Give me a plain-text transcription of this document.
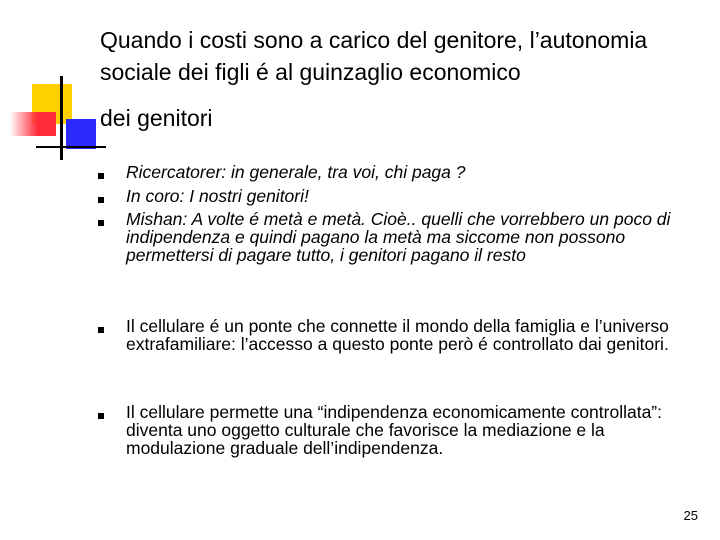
Quando i costi sono a carico del genitore, l’autonomia
sociale dei figli é al guinzaglio economico
dei genitori
Ricercatorer: in generale, tra voi, chi paga ?
In coro: I nostri genitori!
Mishan: A volte é metà e metà. Cioè.. quelli che vorrebbero un poco di indipendenza e quindi pagano la metà ma siccome non possono permettersi di pagare tutto, i genitori pagano il resto
Il cellulare é un ponte che connette il mondo della famiglia e l’universo extrafamiliare: l’accesso a questo ponte però é controllato dai genitori.
Il cellulare permette una “indipendenza economicamente controllata”: diventa uno oggetto culturale che favorisce la mediazione e la modulazione graduale dell’indipendenza.
25
